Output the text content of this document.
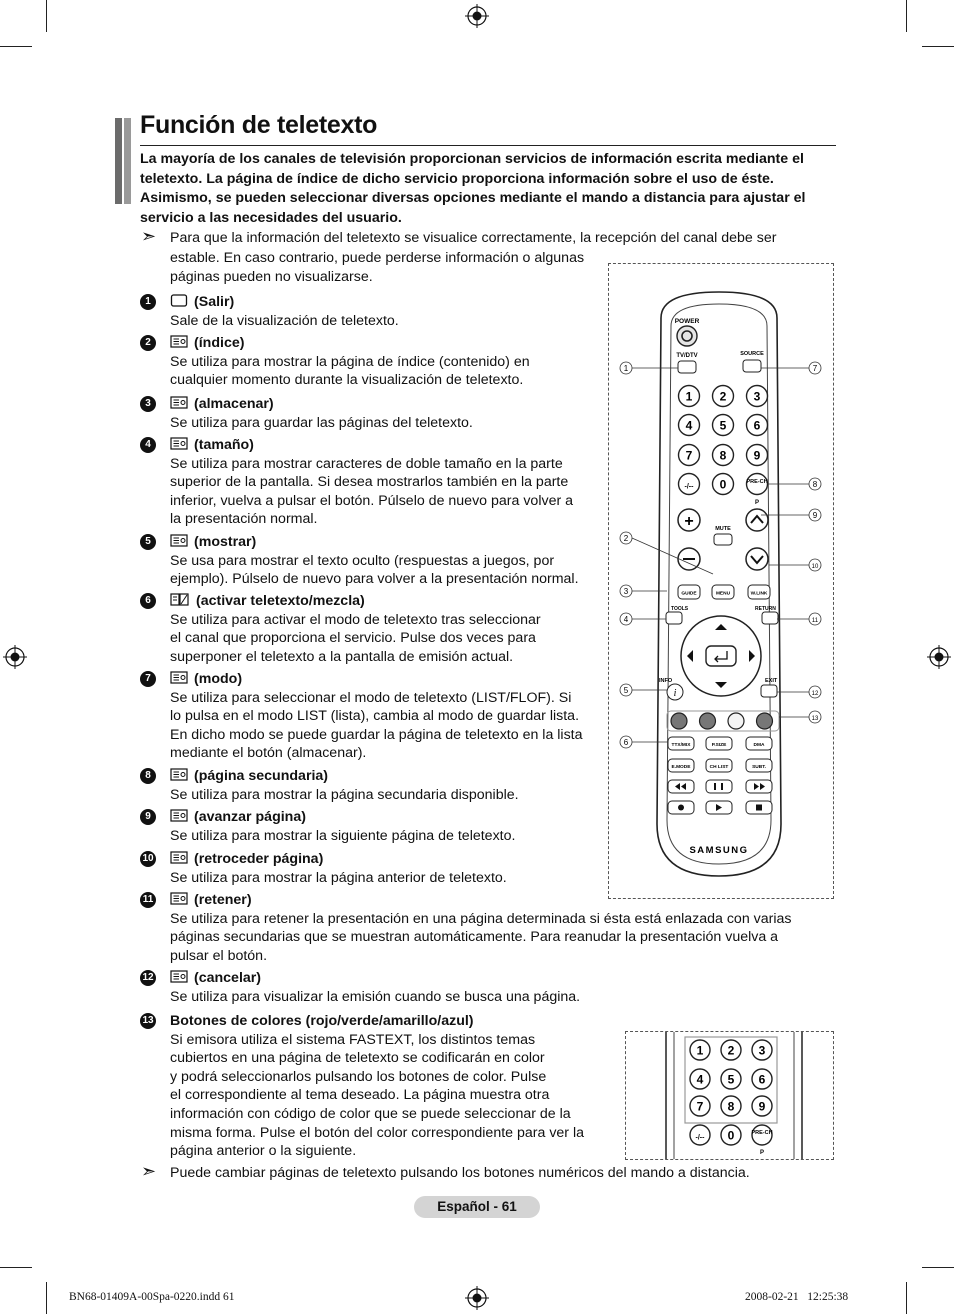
Función de teletexto
La mayoría de los canales de televisión proporcionan servicios de información escrita mediante el teletexto. La página de índice de dicho servicio proporciona información sobre el uso de éste. Asimismo, se pueden seleccionar diversas opciones mediante el mando a distancia para ajustar el servicio a las necesidades del usuario.
➣ Para que la información del teletexto se visualice correctamente, la recepción del canal debe ser
estable. En caso contrario, puede perderse información o algunas
páginas pueden no visualizarse.
1	(Salir)
Sale de la visualización de teletexto.
2	(índice)
Se utiliza para mostrar la página de índice (contenido) en
cualquier momento durante la visualización de teletexto.
3	(almacenar)
Se utiliza para guardar las páginas del teletexto.
4	(tamaño)
Se utiliza para mostrar caracteres de doble tamaño en la parte
superior de la pantalla. Si desea mostrarlos también en la parte
inferior, vuelva a pulsar el botón. Púlselo de nuevo para volver a
la presentación normal.
5	(mostrar)
Se usa para mostrar el texto oculto (respuestas a juegos, por
ejemplo). Púlselo de nuevo para volver a la presentación normal.
6	(activar teletexto/mezcla)
Se utiliza para activar el modo de teletexto tras seleccionar
el canal que proporciona el servicio. Pulse dos veces para
superponer el teletexto a la pantalla de emisión actual.
7	(modo)
Se utiliza para seleccionar el modo de teletexto (LIST/FLOF). Si
lo pulsa en el modo LIST (lista), cambia al modo de guardar lista.
En dicho modo se puede guardar la página de teletexto en la lista
mediante el botón (almacenar).
8	(página secundaria)
Se utiliza para mostrar la página secundaria disponible.
9	(avanzar página)
Se utiliza para mostrar la siguiente página de teletexto.
10	(retroceder página)
Se utiliza para mostrar la página anterior de teletexto.
11	(retener)
Se utiliza para retener la presentación en una página determinada si ésta está enlazada con varias
páginas secundarias que se muestran automáticamente. Para reanudar la presentación vuelva a
pulsar el botón.
12	(cancelar)
Se utiliza para visualizar la emisión cuando se busca una página.
13 Botones de colores (rojo/verde/amarillo/azul)
Si emisora utiliza el sistema FASTEXT, los distintos temas
cubiertos en una página de teletexto se codificarán en color
y podrá seleccionarlos pulsando los botones de color. Pulse
el correspondiente al tema deseado. La página muestra otra
información con código de color que se puede seleccionar de la
misma forma. Pulse el botón del color correspondiente para ver la
página anterior o la siguiente.
➣ Puede cambiar páginas de teletexto pulsando los botones numéricos del mando a distancia.
POWER
TV/DTV	SOURCE
1 2 3
4 5 6
7 8 9
-/-- 0	PRE-CH
P
+	MUTE
GUIDE	MENU	W.LINK
TOOLS	RETURN
INFO
i
EXIT
TTX/MIX	P.SIZE	DMA
E.MODE	CH LIST	SUBT.
SAMSUNG
1
2
3
4
5
6
7
8
9
10
11
12
13
1 2 3
4 5 6
7 8 9
-/-- 0	PRE-CH
P
Español - 61
BN68-01409A-00Spa-0220.indd 61	2008-02-21   12:25:38
